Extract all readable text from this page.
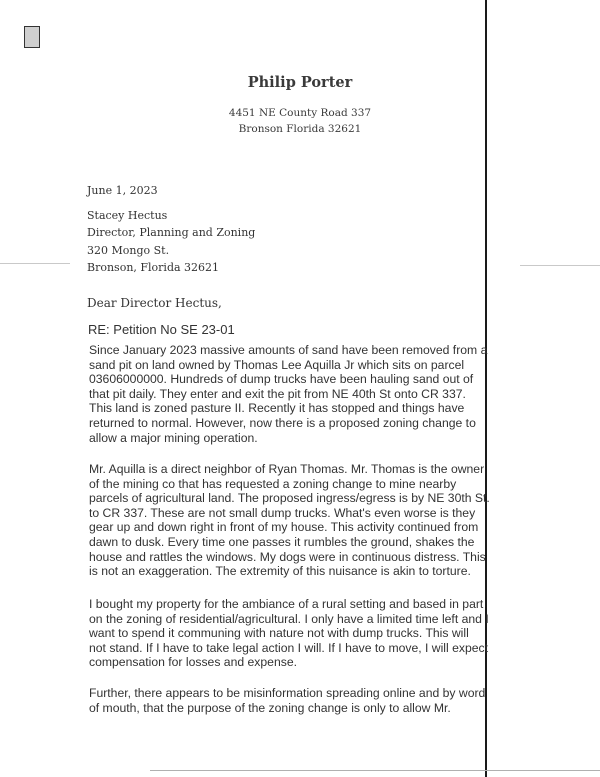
Philip Porter
4451 NE County Road 337
Bronson Florida 32621
June 1, 2023
Stacey Hectus
Director, Planning and Zoning
320 Mongo St.
Bronson, Florida 32621
Dear Director Hectus,
RE: Petition No SE 23-01
Since January 2023 massive amounts of sand have been removed from a
sand pit on land owned by Thomas Lee Aquilla Jr which sits on parcel
03606000000. Hundreds of dump trucks have been hauling sand out of
that pit daily. They enter and exit the pit from NE 40th St onto CR 337.
This land is zoned pasture II. Recently it has stopped and things have
returned to normal. However, now there is a proposed zoning change to
allow a major mining operation.
Mr. Aquilla is a direct neighbor of Ryan Thomas. Mr. Thomas is the owner
of the mining co that has requested a zoning change to mine nearby
parcels of agricultural land. The proposed ingress/egress is by NE 30th St.
to CR 337. These are not small dump trucks. What's even worse is they
gear up and down right in front of my house. This activity continued from
dawn to dusk. Every time one passes it rumbles the ground, shakes the
house and rattles the windows. My dogs were in continuous distress. This
is not an exaggeration. The extremity of this nuisance is akin to torture.
I bought my property for the ambiance of a rural setting and based in part
on the zoning of residential/agricultural. I only have a limited time left and I
want to spend it communing with nature not with dump trucks. This will
not stand. If I have to take legal action I will. If I have to move, I will expect
compensation for losses and expense.
Further, there appears to be misinformation spreading online and by word
of mouth, that the purpose of the zoning change is only to allow Mr.
